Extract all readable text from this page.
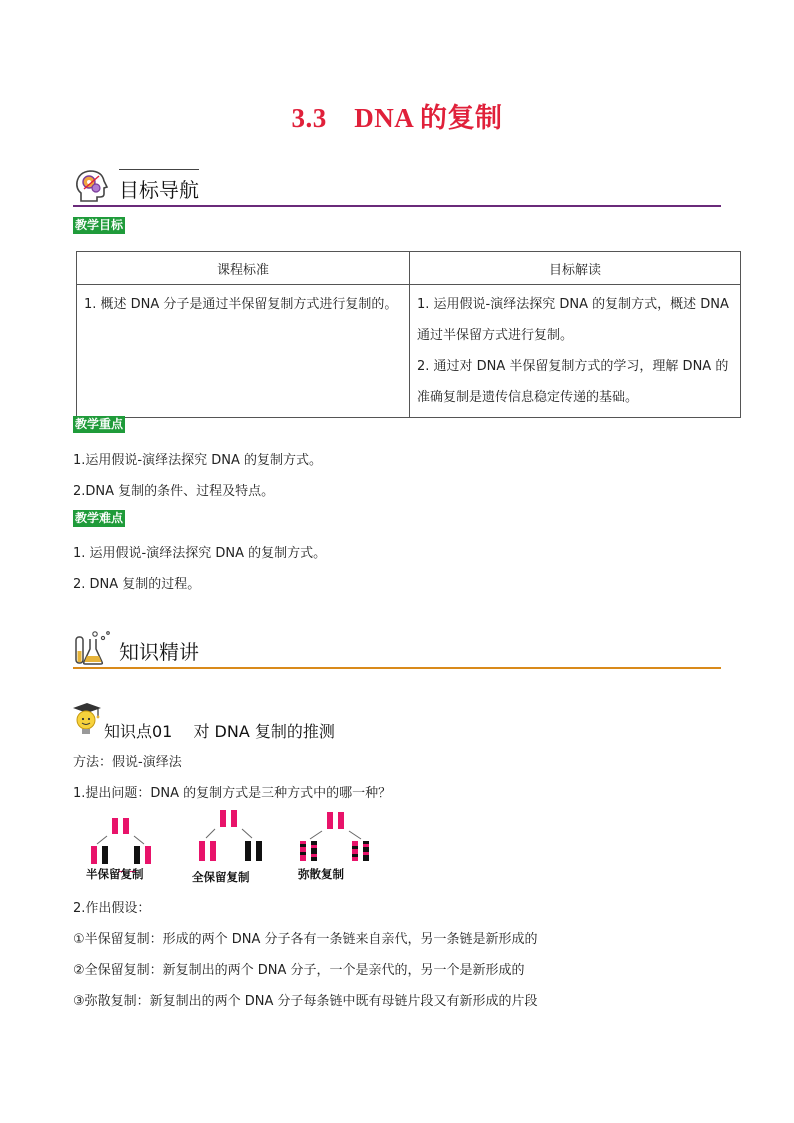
3.3　DNA 的复制
目标导航
教学目标
课程标准	目标解读

1. 概述 DNA 分子是通过半保留复制方式进行复制的。	1. 运用假说-演绎法探究 DNA 的复制方式，概述 DNA 通过半保留方式进行复制。
2. 通过对 DNA 半保留复制方式的学习，理解 DNA 的准确复制是遗传信息稳定传递的基础。
教学重点
1.运用假说-演绎法探究 DNA 的复制方式。
2.DNA 复制的条件、过程及特点。
教学难点
1. 运用假说-演绎法探究 DNA 的复制方式。
2. DNA 复制的过程。
知识精讲
知识点01　 对 DNA 复制的推测
方法：假说-演绎法
1.提出问题：DNA 的复制方式是三种方式中的哪一种？
半保留复制	全保留复制	弥散复制
2.作出假设：
①半保留复制：形成的两个 DNA 分子各有一条链来自亲代，另一条链是新形成的
②全保留复制：新复制出的两个 DNA 分子，一个是亲代的，另一个是新形成的
③弥散复制：新复制出的两个 DNA 分子每条链中既有母链片段又有新形成的片段
